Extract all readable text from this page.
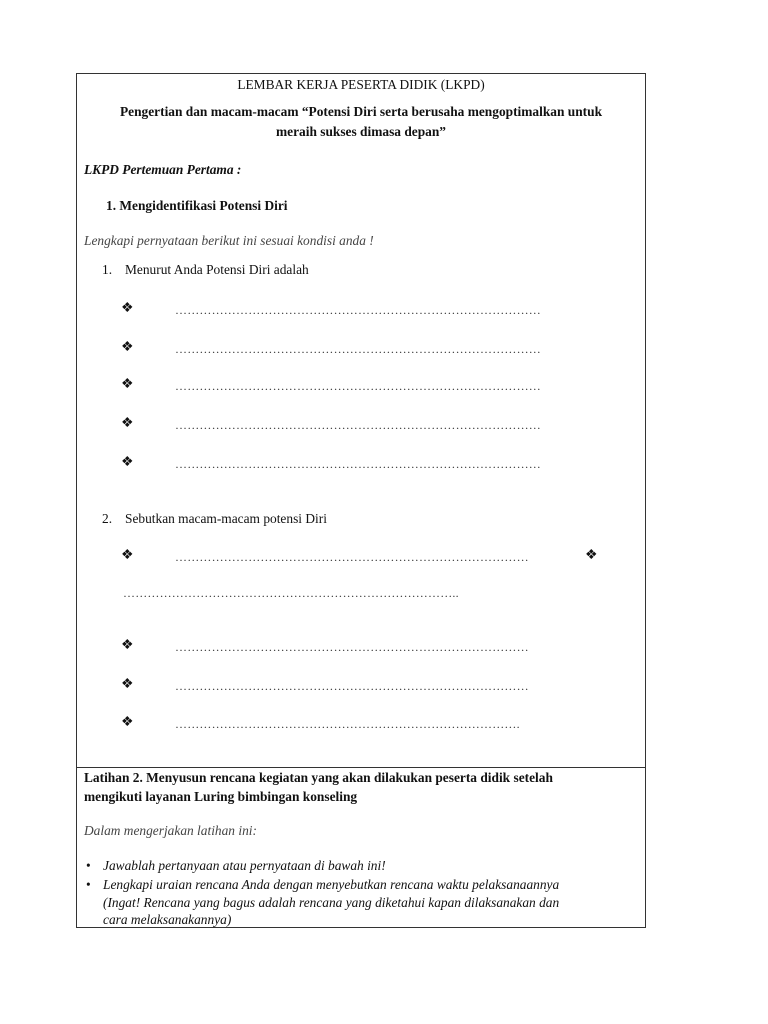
LEMBAR KERJA PESERTA DIDIK (LKPD)
Pengertian dan macam-macam “Potensi Diri serta berusaha mengoptimalkan untuk
meraih sukses dimasa depan”
LKPD Pertemuan Pertama :
1. Mengidentifikasi Potensi Diri
Lengkapi pernyataan berikut ini sesuai kondisi anda !
1. Menurut Anda Potensi Diri adalah
❖	………………………………………………………………………………
❖	………………………………………………………………………………
❖	………………………………………………………………………………
❖	………………………………………………………………………………
❖	………………………………………………………………………………
2. Sebutkan macam-macam potensi Diri
❖	……………………………………………………………………………	❖
………………………………………………………………………..
❖	……………………………………………………………………………
❖	……………………………………………………………………………
❖	………………………………………………………………………….
Latihan 2. Menyusun rencana kegiatan yang akan dilakukan peserta didik setelah
mengikuti layanan Luring bimbingan konseling
Dalam mengerjakan latihan ini:
• Jawablah pertanyaan atau pernyataan di bawah ini!
• Lengkapi uraian rencana Anda dengan menyebutkan rencana waktu pelaksanaannya
(Ingat! Rencana yang bagus adalah rencana yang diketahui kapan dilaksanakan dan
cara melaksanakannya)
